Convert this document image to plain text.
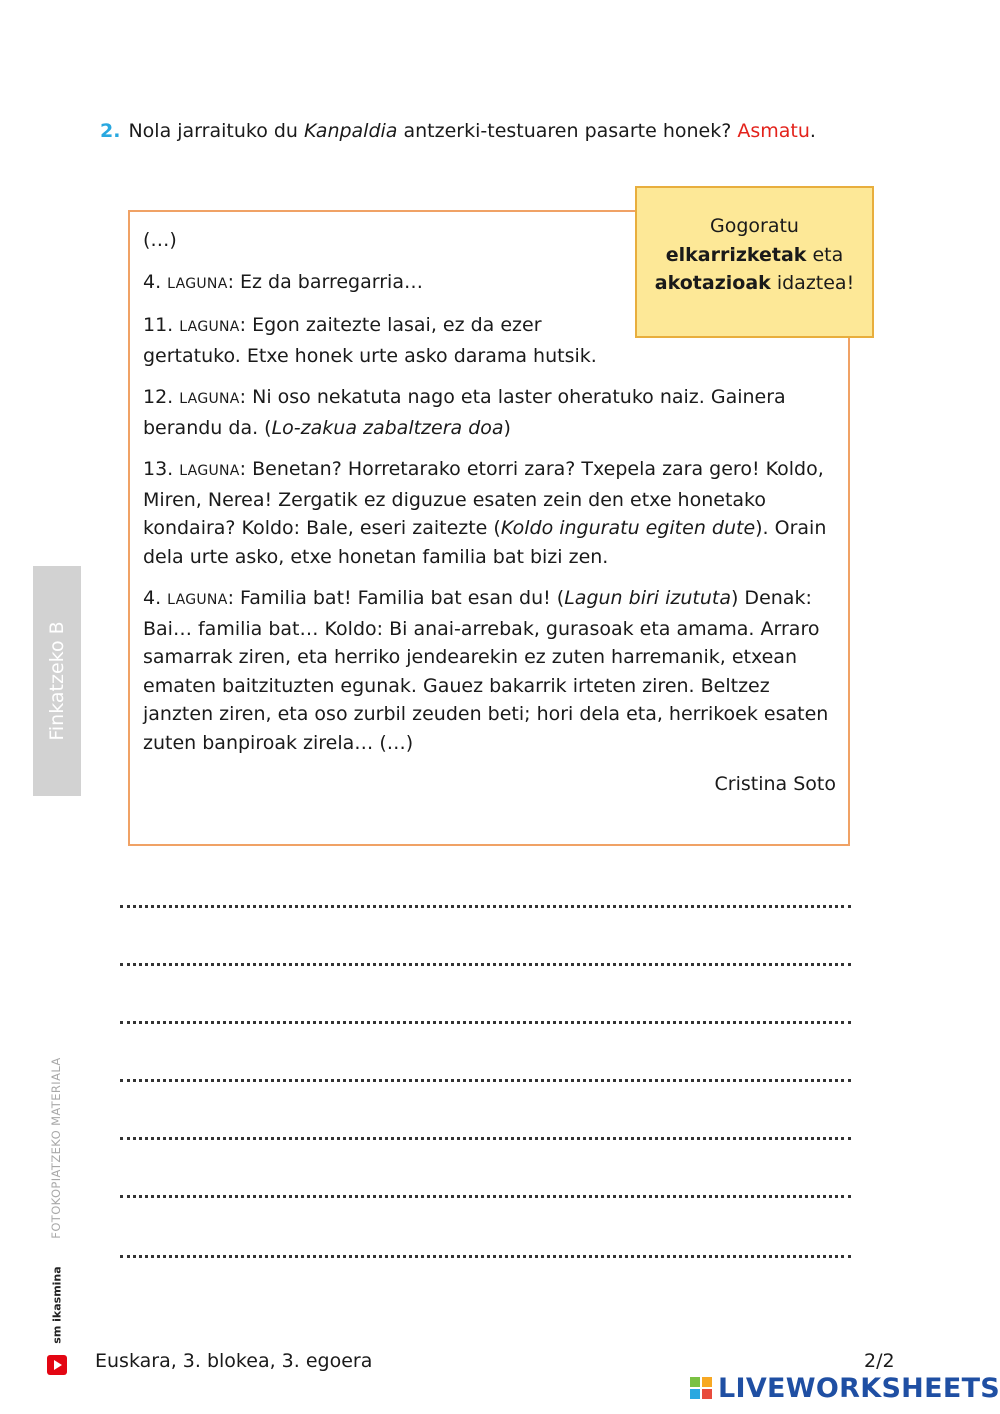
2. Nola jarraituko du Kanpaldia antzerki-testuaren pasarte honek? Asmatu.

(…)

4. LAGUNA: Ez da barregarria…

11. LAGUNA: Egon zaitezte lasai, ez da ezer
gertatuko. Etxe honek urte asko darama hutsik.

12. LAGUNA: Ni oso nekatuta nago eta laster oheratuko naiz. Gainera berandu da. (Lo-zakua zabaltzera doa)

13. LAGUNA: Benetan? Horretarako etorri zara? Txepela zara gero! Koldo, Miren, Nerea! Zergatik ez diguzue esaten zein den etxe honetako kondaira? Koldo: Bale, eseri zaitezte (Koldo inguratu egiten dute). Orain dela urte asko, etxe honetan familia bat bizi zen.

4. LAGUNA: Familia bat! Familia bat esan du! (Lagun biri izututa) Denak: Bai… familia bat… Koldo: Bi anai-arrebak, gurasoak eta amama. Arraro samarrak ziren, eta herriko jendearekin ez zuten harremanik, etxean ematen baitzituzten egunak. Gauez bakarrik irteten ziren. Beltzez janzten ziren, eta oso zurbil zeuden beti; hori dela eta, herrikoek esaten zuten banpiroak zirela… (…)

Cristina Soto

Gogoratu
elkarrizketak eta
akotazioak idaztea!
Finkatzeko B
FOTOKOPIATZEKO MATERIALA
sm ikasmina
Euskara, 3. blokea, 3. egoera	2/2
LIVEWORKSHEETS
